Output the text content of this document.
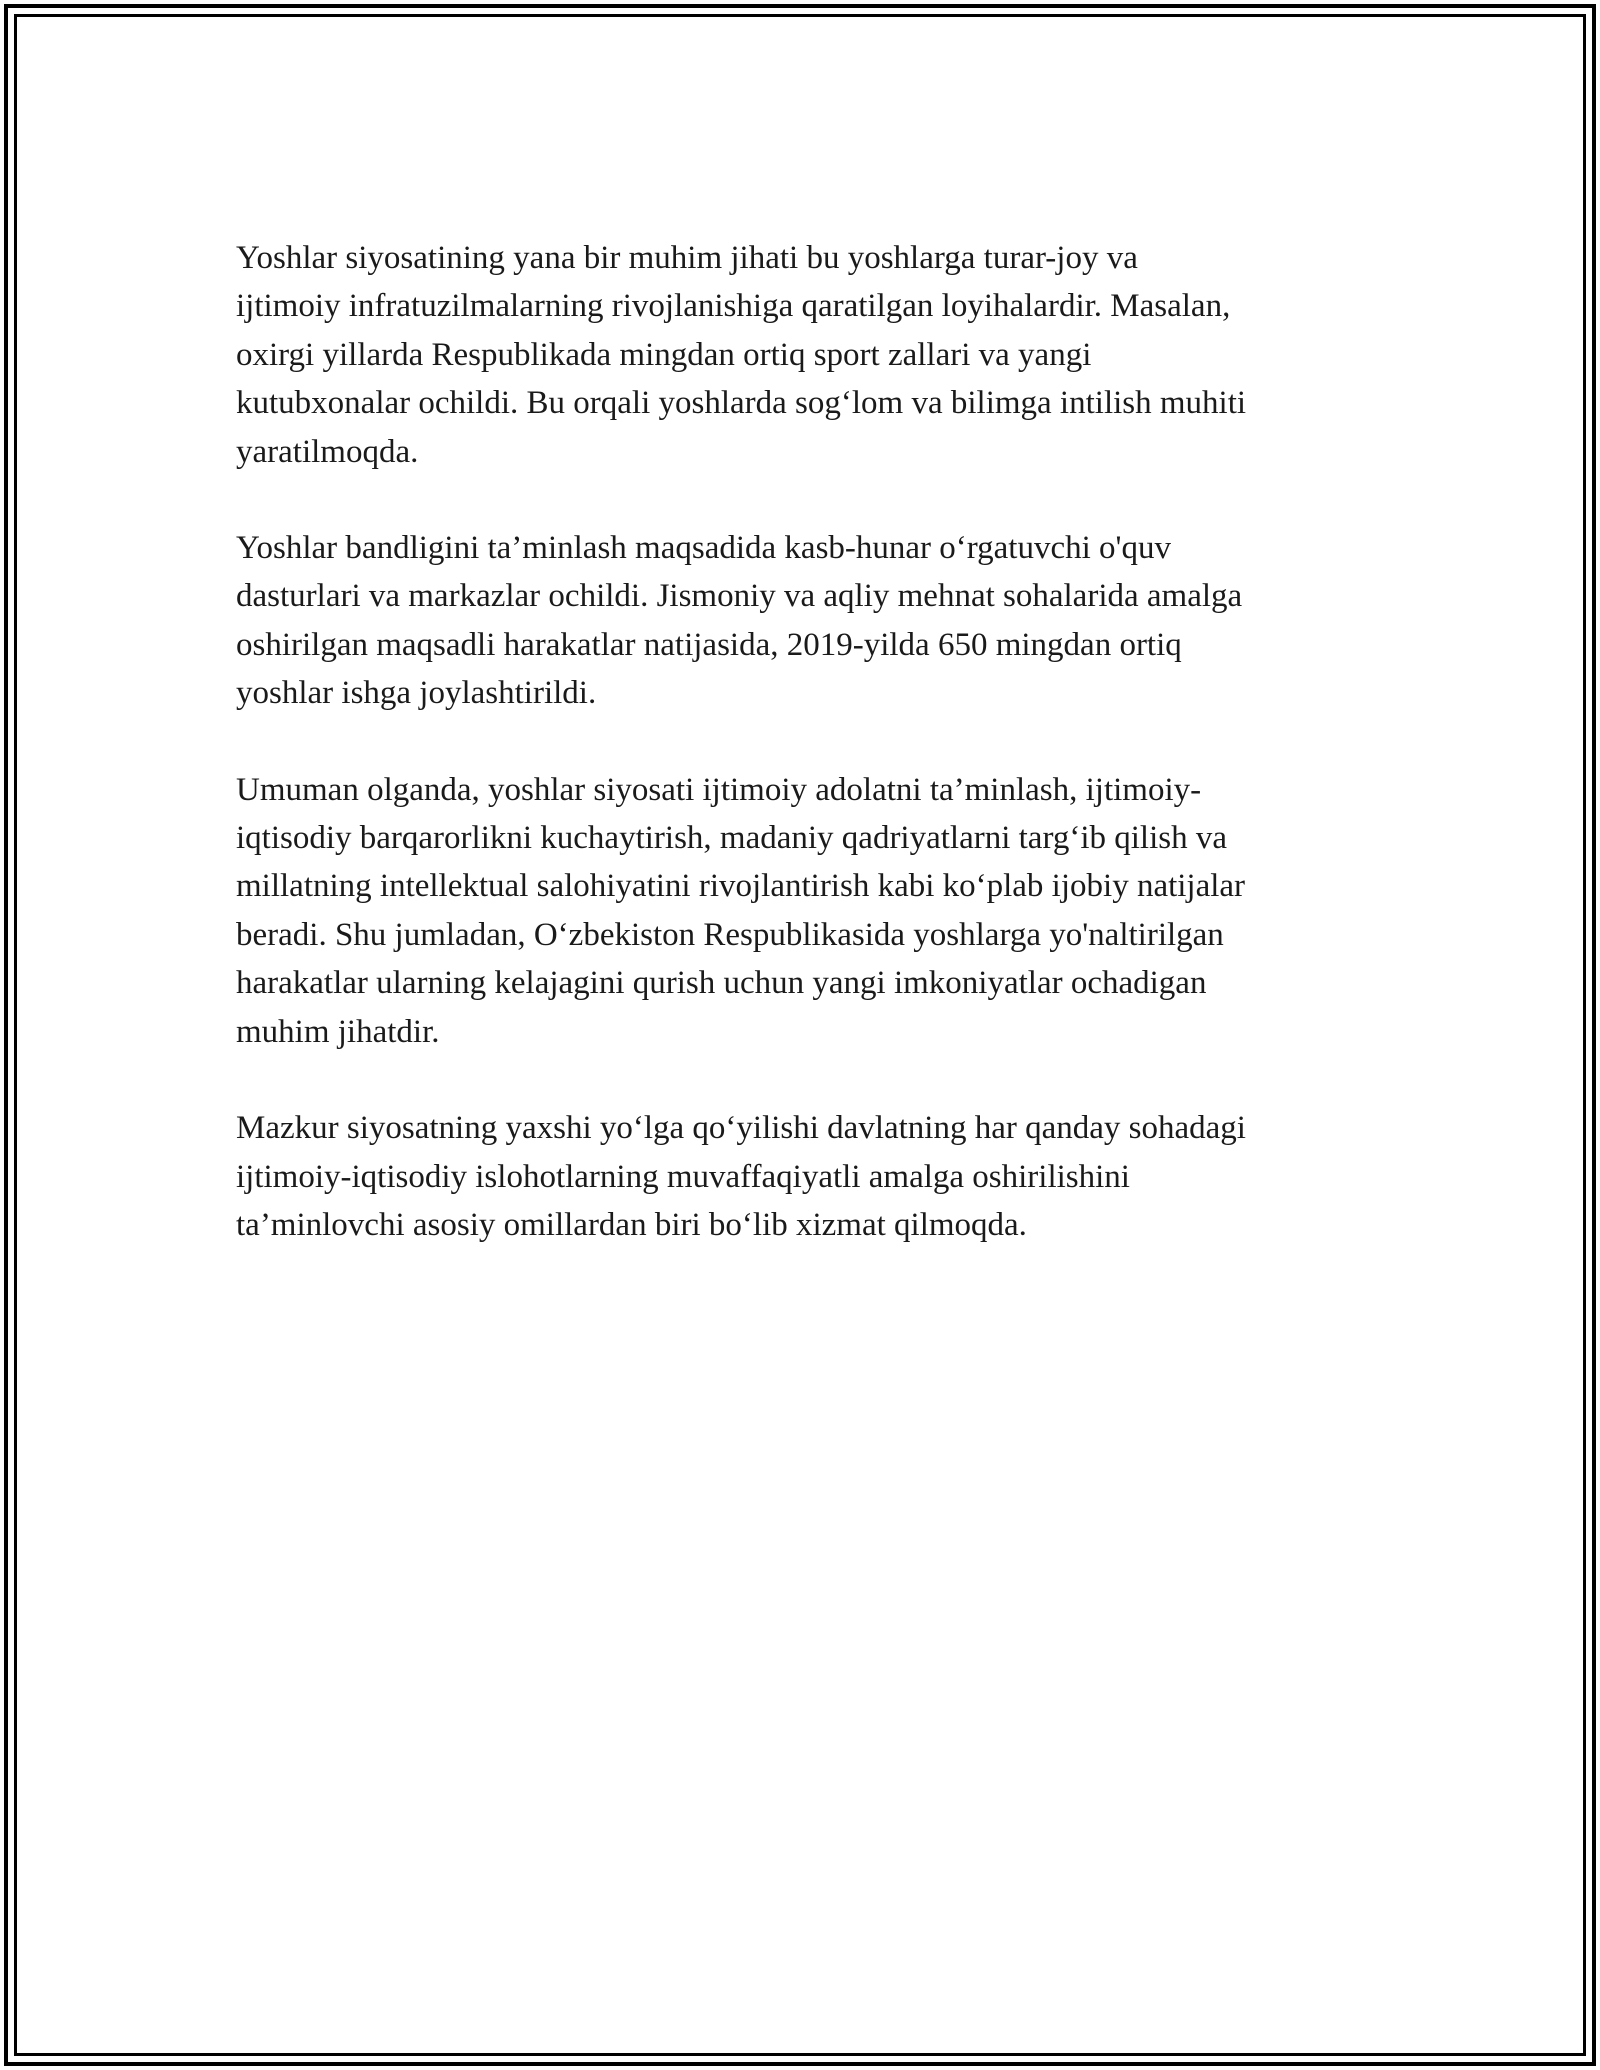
Yoshlar siyosatining yana bir muhim jihati bu yoshlarga turar-joy va
ijtimoiy infratuzilmalarning rivojlanishiga qaratilgan loyihalardir. Masalan,
oxirgi yillarda Respublikada mingdan ortiq sport zallari va yangi
kutubxonalar ochildi. Bu orqali yoshlarda sog‘lom va bilimga intilish muhiti
yaratilmoqda.

Yoshlar bandligini ta’minlash maqsadida kasb-hunar o‘rgatuvchi o'quv
dasturlari va markazlar ochildi. Jismoniy va aqliy mehnat sohalarida amalga
oshirilgan maqsadli harakatlar natijasida, 2019-yilda 650 mingdan ortiq
yoshlar ishga joylashtirildi.

Umuman olganda, yoshlar siyosati ijtimoiy adolatni ta’minlash, ijtimoiy-
iqtisodiy barqarorlikni kuchaytirish, madaniy qadriyatlarni targ‘ib qilish va
millatning intellektual salohiyatini rivojlantirish kabi ko‘plab ijobiy natijalar
beradi. Shu jumladan, O‘zbekiston Respublikasida yoshlarga yo'naltirilgan
harakatlar ularning kelajagini qurish uchun yangi imkoniyatlar ochadigan
muhim jihatdir.

Mazkur siyosatning yaxshi yo‘lga qo‘yilishi davlatning har qanday sohadagi
ijtimoiy-iqtisodiy islohotlarning muvaffaqiyatli amalga oshirilishini
ta’minlovchi asosiy omillardan biri bo‘lib xizmat qilmoqda.
